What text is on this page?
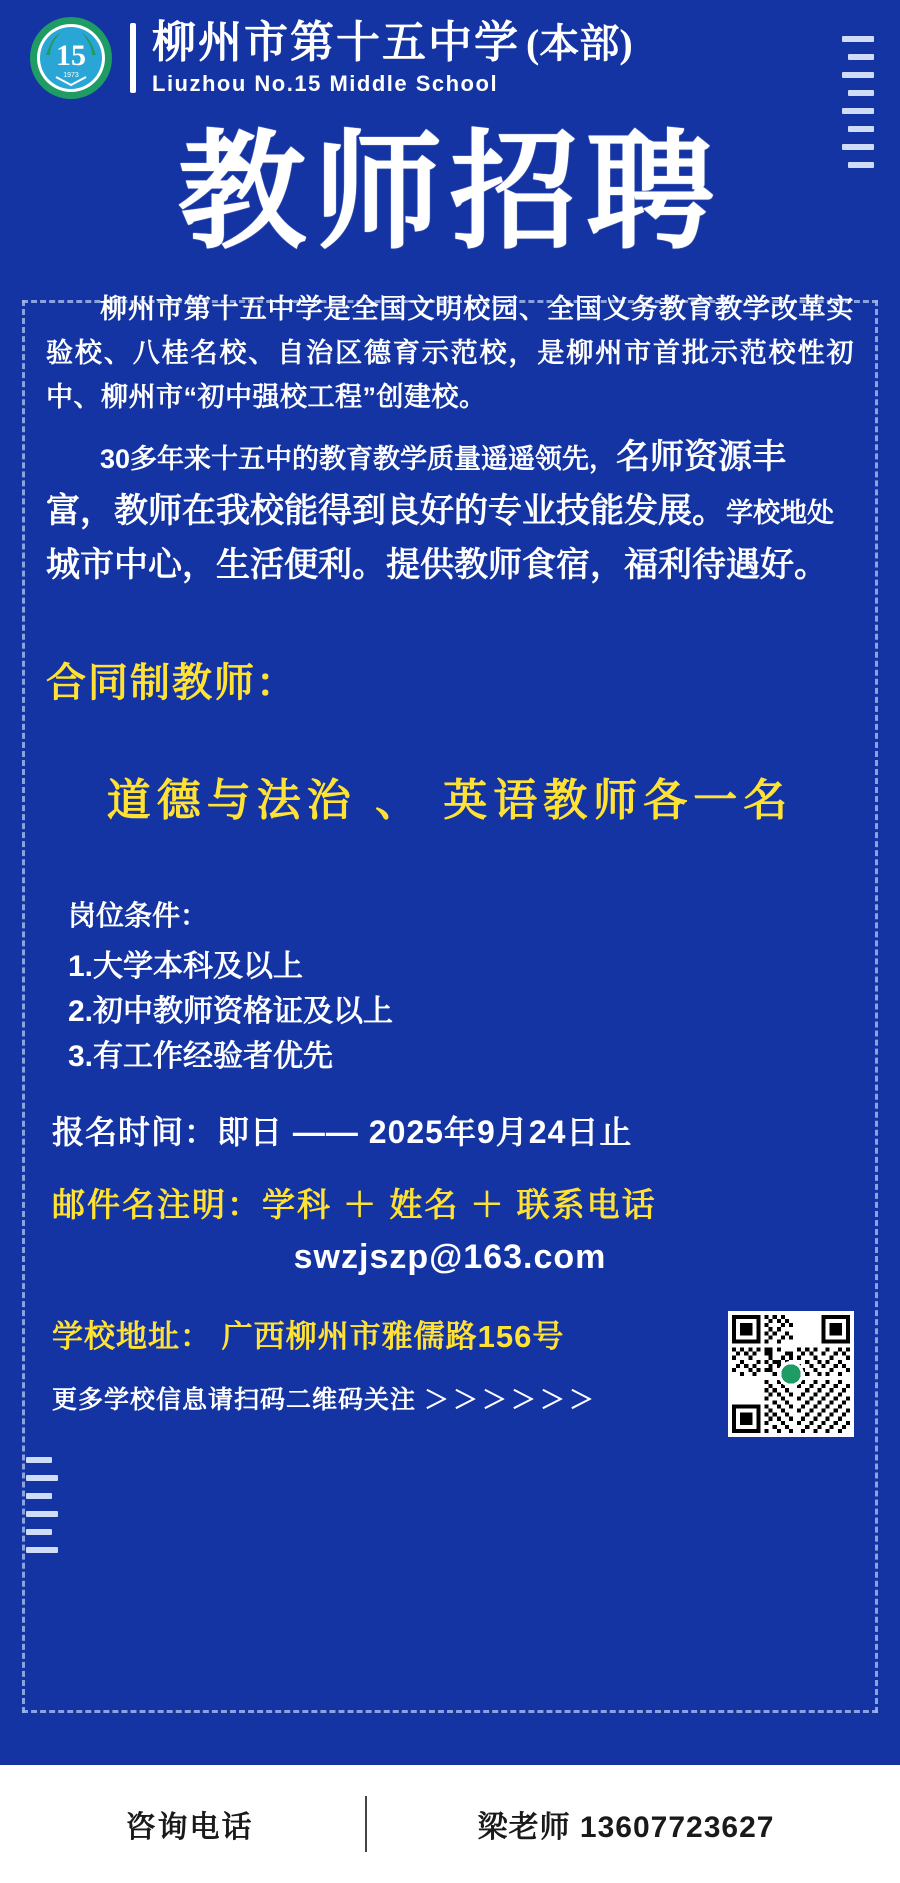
15
1973
柳州市第十五中学 (本部)
Liuzhou No.15 Middle School
教师招聘
柳州市第十五中学是全国文明校园、全国义务教育教学改革实验校、八桂名校、自治区德育示范校，是柳州市首批示范校性初中、柳州市“初中强校工程”创建校。
30多年来十五中的教育教学质量遥遥领先，名师资源丰富，教师在我校能得到良好的专业技能发展。学校地处城市中心，生活便利。提供教师食宿，福利待遇好。
合同制教师：
道德与法治 、 英语教师各一名
岗位条件：
1.大学本科及以上
2.初中教师资格证及以上
3.有工作经验者优先
报名时间：即日 —— 2025年9月24日止
邮件名注明：学科 ＋ 姓名 ＋ 联系电话
swzjszp@163.com
学校地址： 广西柳州市雅儒路156号
更多学校信息请扫码二维码关注 ＞＞＞＞＞＞
咨询电话	梁老师 13607723627
